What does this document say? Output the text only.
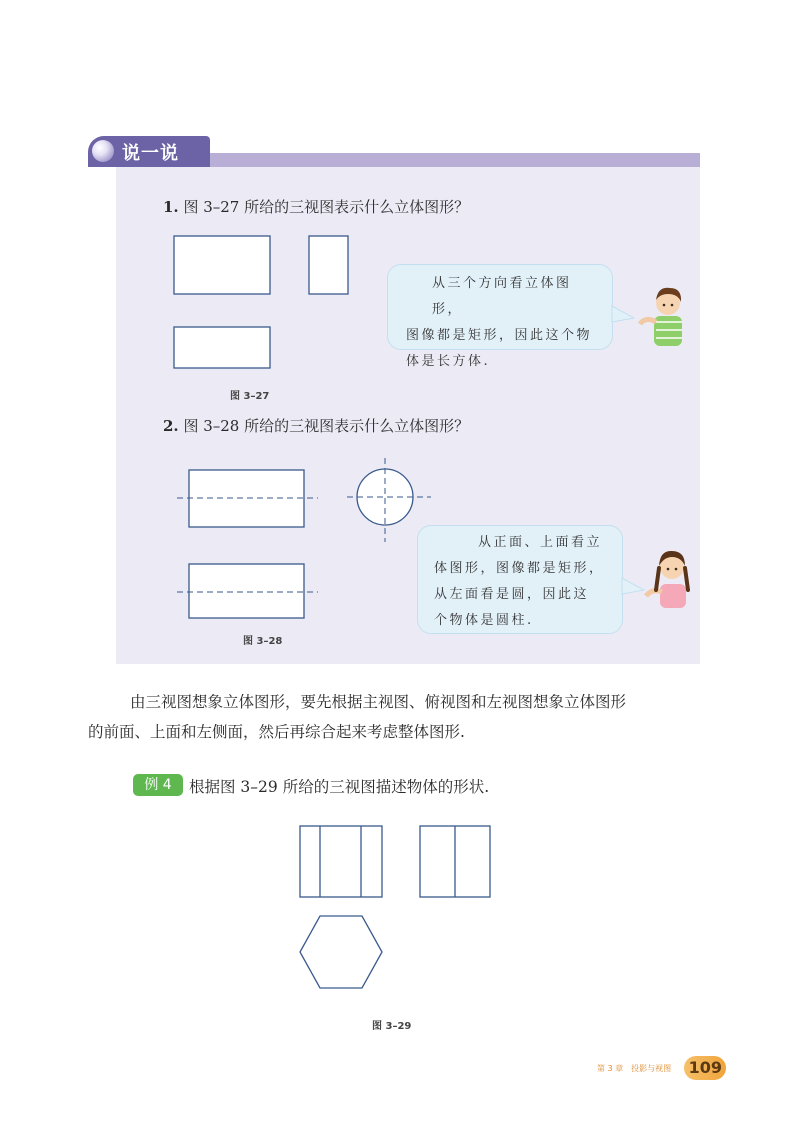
说一说
1. 图 3–27 所给的三视图表示什么立体图形？
图 3–27
从三个方向看立体图形，
图像都是矩形，因此这个物
体是长方体.
2. 图 3–28 所给的三视图表示什么立体图形？
图 3–28
从正面、上面看立
体图形，图像都是矩形，
从左面看是圆，因此这
个物体是圆柱.
由三视图想象立体图形，要先根据主视图、俯视图和左视图想象立体图形
的前面、上面和左侧面，然后再综合起来考虑整体图形.
例 4	根据图 3–29 所给的三视图描述物体的形状.
图 3–29
第 3 章　投影与视图 109
